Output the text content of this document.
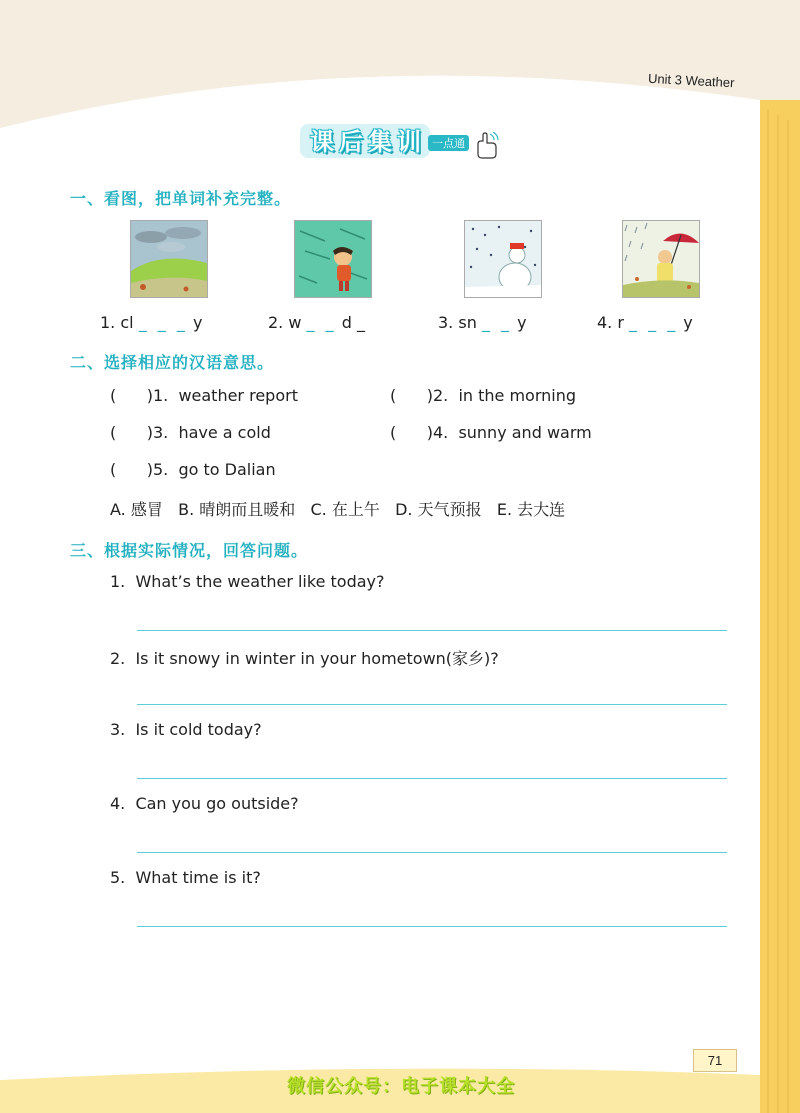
Unit 3 Weather
课后集训 一点通
一、看图，把单词补充完整。
1. cl _ _ _ y	2. w _ _ d _	3. sn _ _ y	4. r _ _ _ y
二、选择相应的汉语意思。
(      )1.  weather report	(      )2.  in the morning
(      )3.  have a cold	(      )4.  sunny and warm
(      )5.  go to Dalian
A. 感冒   B. 晴朗而且暖和   C. 在上午   D. 天气预报   E. 去大连
三、根据实际情况，回答问题。
1.  What’s the weather like today?
2.  Is it snowy in winter in your hometown(家乡)?
3.  Is it cold today?
4.  Can you go outside?
5.  What time is it?
71
微信公众号：电子课本大全
